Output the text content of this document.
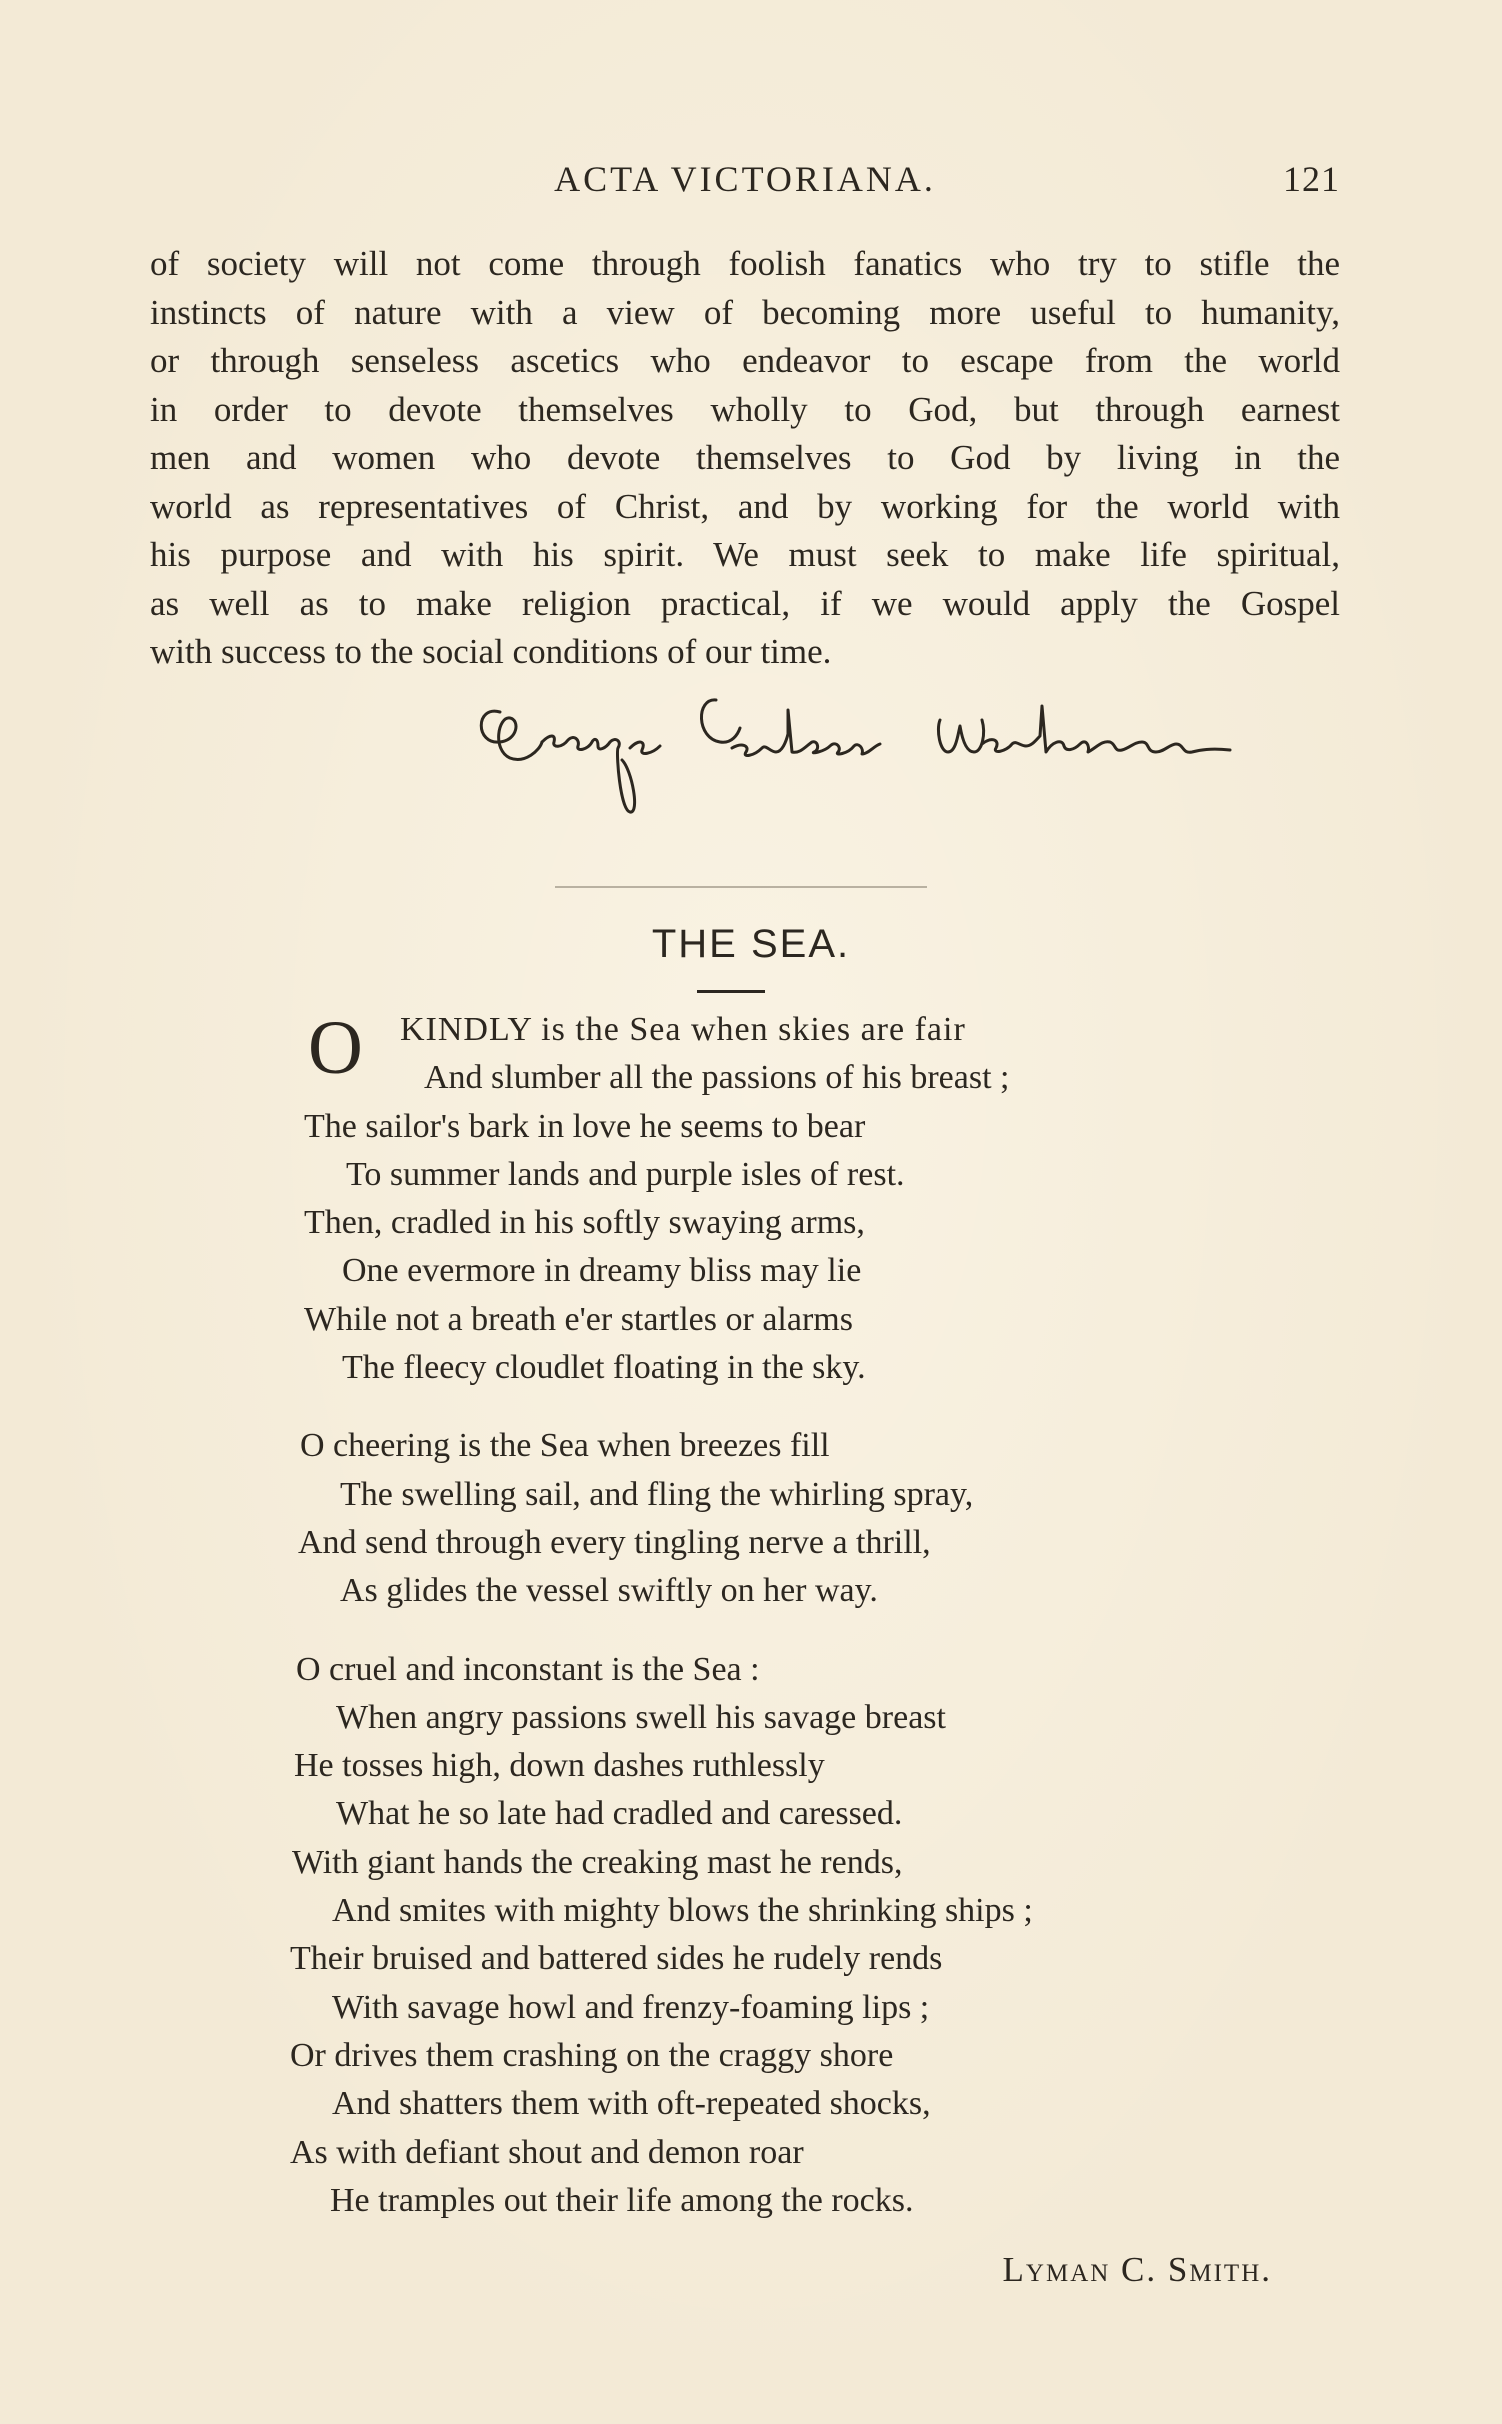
ACTA VICTORIANA.	121
of society will not come through foolish fanatics who try to stifle the
instincts of nature with a view of becoming more useful to humanity,
or through senseless ascetics who endeavor to escape from the world
in order to devote themselves wholly to God, but through earnest
men and women who devote themselves to God by living in the
world as representatives of Christ, and by working for the world with
his purpose and with his spirit. We must seek to make life spiritual,
as well as to make religion practical, if we would apply the Gospel
with success to the social conditions of our time.
THE SEA.
O KINDLY is the Sea when skies are fair
And slumber all the passions of his breast ;
The sailor's bark in love he seems to bear
To summer lands and purple isles of rest.
Then, cradled in his softly swaying arms,
One evermore in dreamy bliss may lie
While not a breath e'er startles or alarms
The fleecy cloudlet floating in the sky.
O cheering is the Sea when breezes fill
The swelling sail, and fling the whirling spray,
And send through every tingling nerve a thrill,
As glides the vessel swiftly on her way.
O cruel and inconstant is the Sea :
When angry passions swell his savage breast
He tosses high, down dashes ruthlessly
What he so late had cradled and caressed.
With giant hands the creaking mast he rends,
And smites with mighty blows the shrinking ships ;
Their bruised and battered sides he rudely rends
With savage howl and frenzy-foaming lips ;
Or drives them crashing on the craggy shore
And shatters them with oft-repeated shocks,
As with defiant shout and demon roar
He tramples out their life among the rocks.
Lyman C. Smith.
